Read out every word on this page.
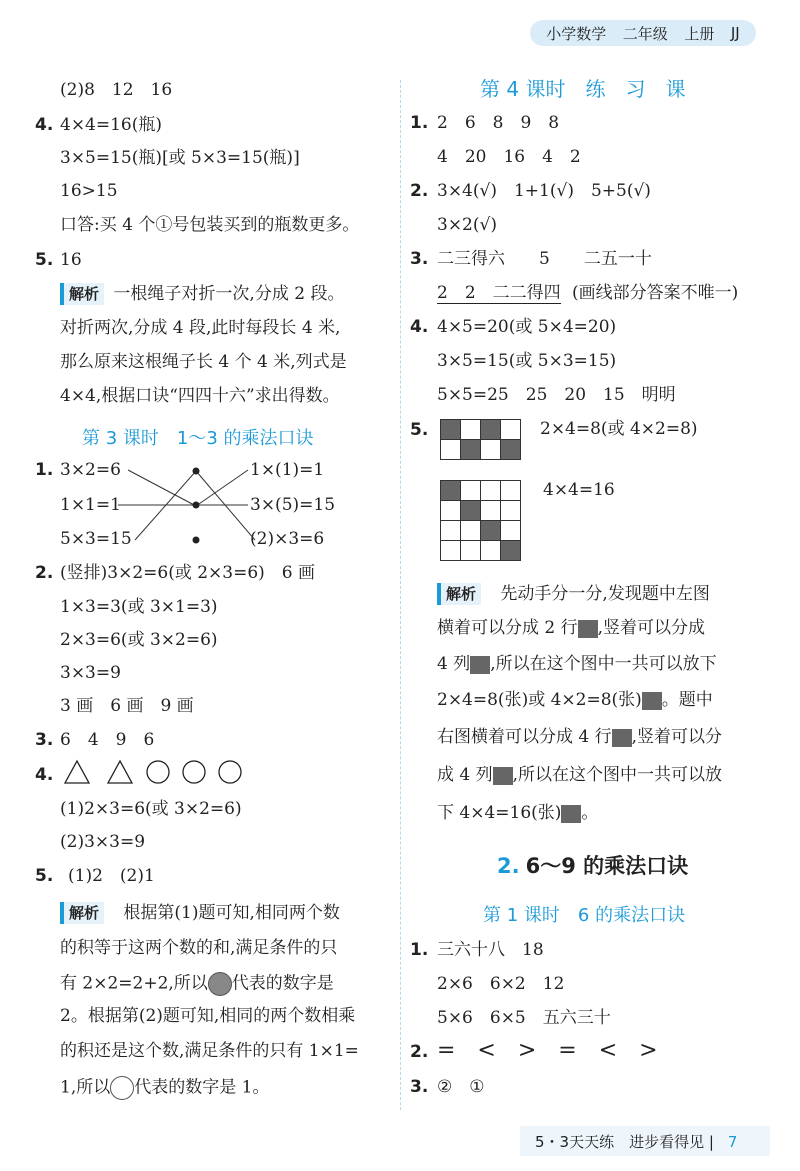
小学数学 二年级 上册 JJ
(2)8　12　16
4. 4×4=16(瓶)
3×5=15(瓶)[或 5×3=15(瓶)]
16>15
口答:买 4 个①号包装买到的瓶数更多。
5. 16
解析 一根绳子对折一次,分成 2 段。
对折两次,分成 4 段,此时每段长 4 米,
那么原来这根绳子长 4 个 4 米,列式是
4×4,根据口诀“四四十六”求出得数。
第 3 课时　1～3 的乘法口诀
1. 3×2=6
1×1=1
5×3=15
1×(1)=1
3×(5)=15
(2)×3=6
2. (竖排)3×2=6(或 2×3=6)　6 画
1×3=3(或 3×1=3)
2×3=6(或 3×2=6)
3×3=9
3 画　6 画　9 画
3. 6　4　9　6
4.
(1)2×3=6(或 3×2=6)
(2)3×3=9
5. (1)2　(2)1
解析 根据第(1)题可知,相同两个数
的积等于这两个数的和,满足条件的只
有 2×2=2+2,所以 代表的数字是
2。根据第(2)题可知,相同的两个数相乘
的积还是这个数,满足条件的只有 1×1=
1,所以 代表的数字是 1。
第 4 课时　练　习　课
1. 2　6　8　9　8
4　20　16　4　2
2. 3×4(√)　1+1(√)　5+5(√)
3×2(√)
3. 二三得六　　5　　二五一十
2　2　二二得四 (画线部分答案不唯一)
4. 4×5=20(或 5×4=20)
3×5=15(或 5×3=15)
5×5=25　25　20　15　明明
5.	2×4=8(或 4×2=8)
4×4=16
解析 先动手分一分,发现题中左图
横着可以分成 2 行 ,竖着可以分成
4 列 ,所以在这个图中一共可以放下
2×4=8(张)或 4×2=8(张) 。题中
右图横着可以分成 4 行 ,竖着可以分
成 4 列 ,所以在这个图中一共可以放
下 4×4=16(张) 。
2. 6～9 的乘法口诀
第 1 课时　6 的乘法口诀
1. 三六十八　18
2×6　6×2　12
5×6　6×5　五六三十
2. =　<　>　=　<　>
3. ②　①
5・3天天练　进步看得见 | 7
